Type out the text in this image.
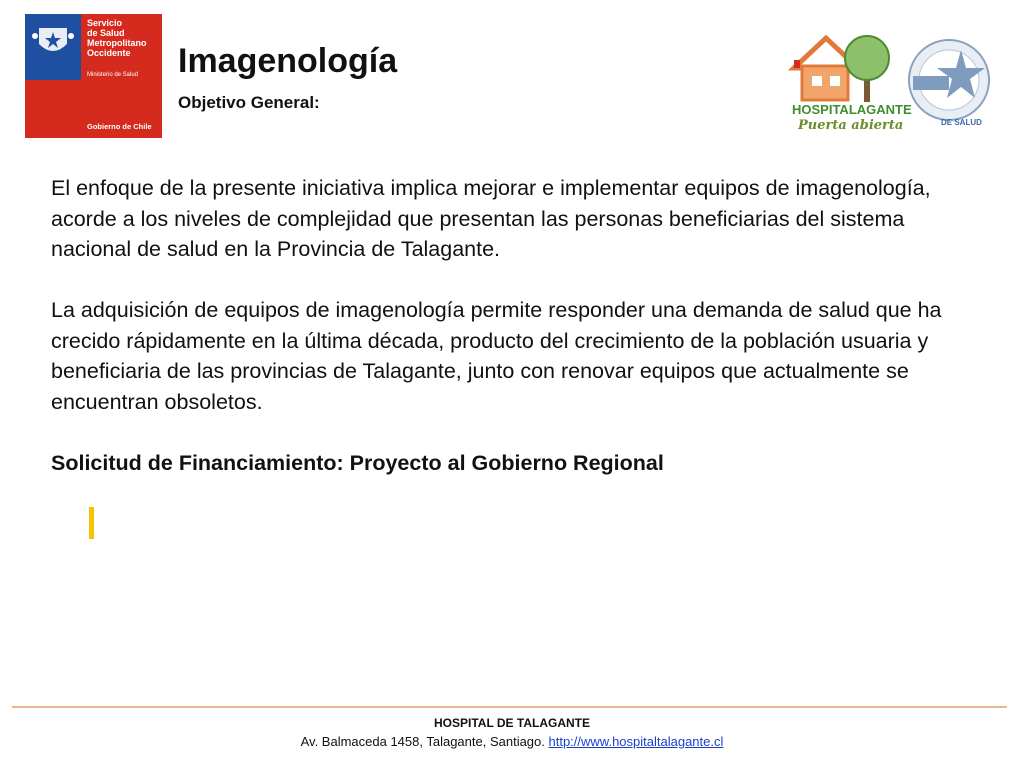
Servicio
de Salud
Metropolitano
Occidente
Ministerio de Salud
Gobierno de Chile
Imagenología
Objetivo General:	HOSPITALAGANTE
Puerta abierta	DE SALUD

El enfoque de la presente iniciativa implica mejorar e implementar equipos de imagenología, acorde a los niveles de complejidad que presentan las personas beneficiarias del sistema nacional de salud en la Provincia de Talagante.

La adquisición de equipos de imagenología permite responder una demanda de salud que ha crecido rápidamente en la última década, producto del crecimiento de la población usuaria y beneficiaria de las provincias de Talagante, junto con renovar equipos que actualmente se encuentran obsoletos.

Solicitud de Financiamiento: Proyecto al Gobierno Regional

HOSPITAL DE TALAGANTE
Av. Balmaceda 1458, Talagante, Santiago. http://www.hospitaltalagante.cl
